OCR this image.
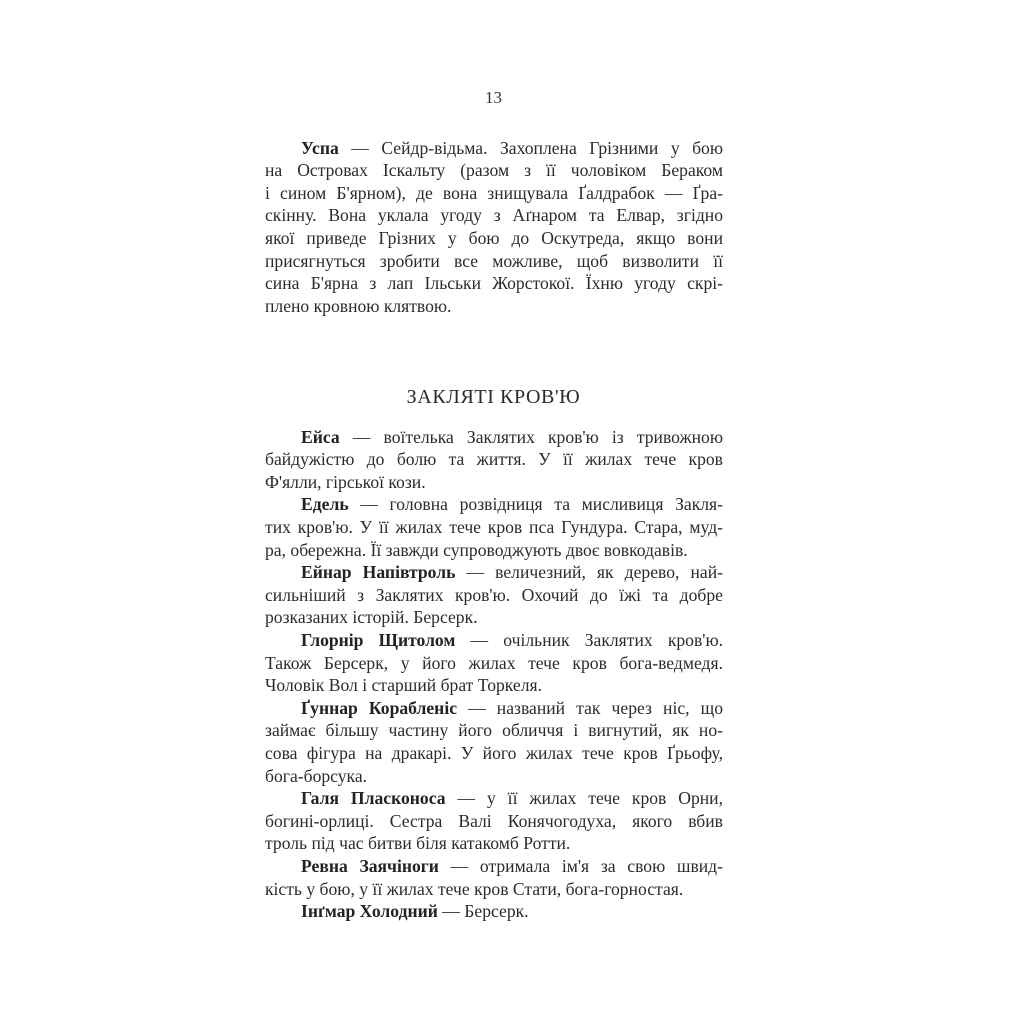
13
Успа — Сейдр-відьма. Захоплена Грізними у бою
на Островах Іскальту (разом з її чоловіком Бераком
і сином Б'ярном), де вона знищувала Ґалдрабок — Ґра-
скінну. Вона уклала угоду з Аґнаром та Елвар, згідно
якої приведе Грізних у бою до Оскутреда, якщо вони
присягнуться зробити все можливе, щоб визволити її
сина Б'ярна з лап Ільськи Жорстокої. Їхню угоду скрі-
плено кровною клятвою.
ЗАКЛЯТІ КРОВ'Ю
Ейса — воїтелька Заклятих кров'ю із тривожною
байдужістю до болю та життя. У її жилах тече кров
Ф'ялли, гірської кози.
Едель — головна розвідниця та мисливиця Закля-
тих кров'ю. У її жилах тече кров пса Гундура. Стара, муд-
ра, обережна. Її завжди супроводжують двоє вовкодавів.
Ейнар Напівтроль — величезний, як дерево, най-
сильніший з Заклятих кров'ю. Охочий до їжі та добре
розказаних історій. Берсерк.
Глорнір Щитолом — очільник Заклятих кров'ю.
Також Берсерк, у його жилах тече кров бога-ведмедя.
Чоловік Вол і старший брат Торкеля.
Ґуннар Корабленіс — названий так через ніс, що
займає більшу частину його обличчя і вигнутий, як но-
сова фігура на дракарі. У його жилах тече кров Ґрьофу,
бога-борсука.
Галя Пласконоса — у її жилах тече кров Орни,
богині-орлиці. Сестра Валі Конячогодуха, якого вбив
троль під час битви біля катакомб Ротти.
Ревна Заячіноги — отримала ім'я за свою швид-
кість у бою, у її жилах тече кров Стати, бога-горностая.
Інґмар Холодний — Берсерк.
